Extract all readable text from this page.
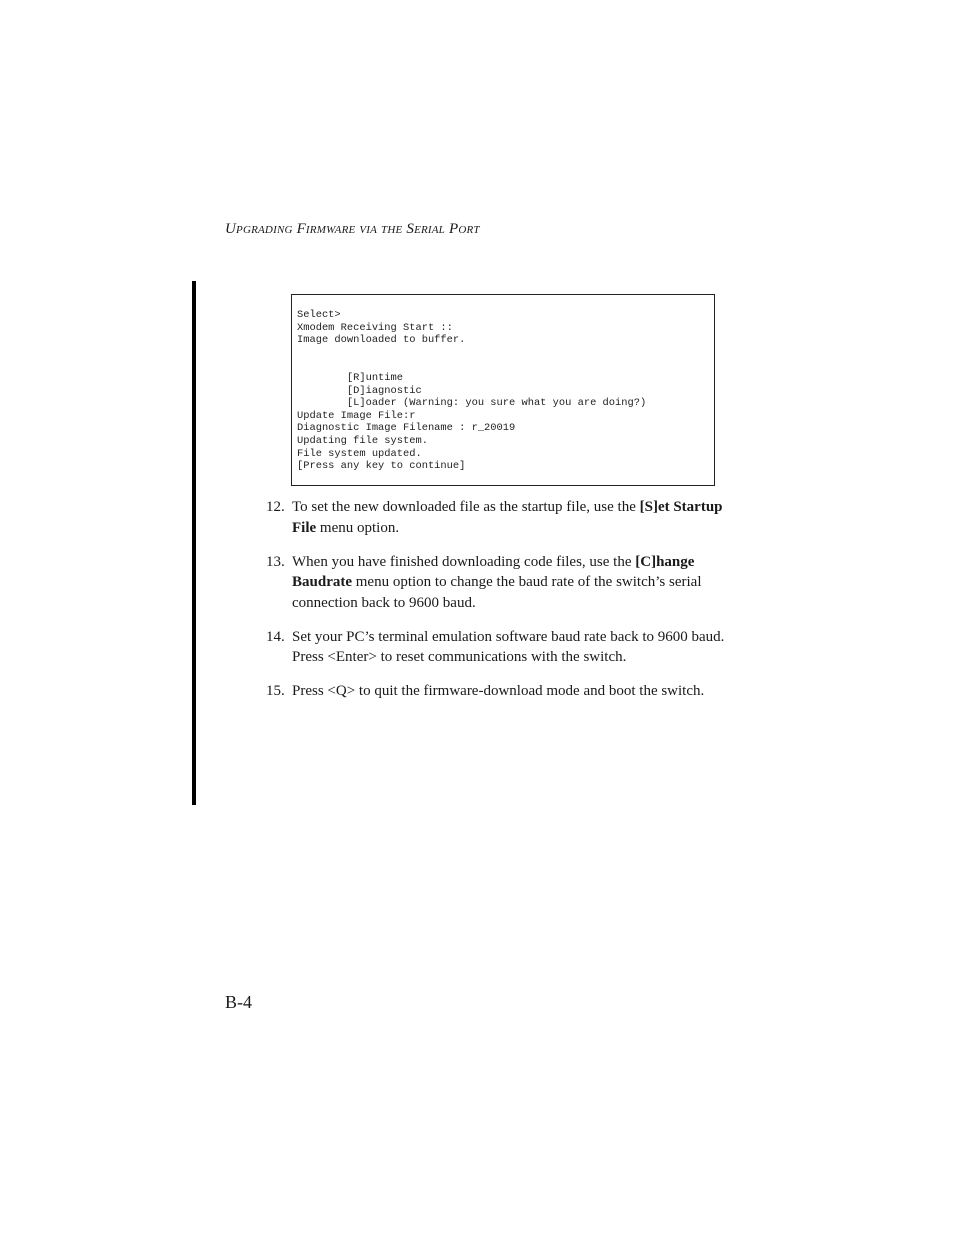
Upgrading Firmware via the Serial Port
Select>
Xmodem Receiving Start ::
Image downloaded to buffer.
[R]untime
[D]iagnostic
[L]oader (Warning: you sure what you are doing?)
Update Image File:r
Diagnostic Image Filename : r_20019
Updating file system.
File system updated.
[Press any key to continue]
12. To set the new downloaded file as the startup file, use the [S]et Startup File menu option.
13. When you have finished downloading code files, use the [C]hange Baudrate menu option to change the baud rate of the switch’s serial connection back to 9600 baud.
14. Set your PC’s terminal emulation software baud rate back to 9600 baud. Press <Enter> to reset communications with the switch.
15. Press <Q> to quit the firmware-download mode and boot the switch.
B-4
